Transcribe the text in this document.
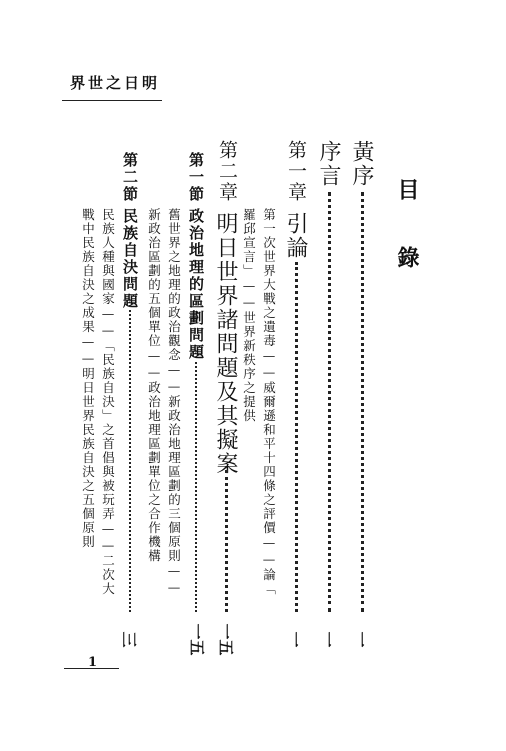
界世之日明
目 錄
黃序
一
序言
一
第一章
引論
一
第一次世界大戰之遺毒——威爾遜和平十四條之評價——論「
羅邱宣言」——世界新秩序之提供
第二章
明日世界諸問題及其擬案
一五
第一節
政治地理的區劃問題
一五
舊世界之地理的政治觀念——新政治地理區劃的三個原則——
新政治區劃的五個單位——政治地理區劃單位之合作機構
第二節
民族自決問題
三
民族人種與國家——「民族自決」之首倡與被玩弄——二次大
戰中民族自決之成果——明日世界民族自決之五個原則
1
